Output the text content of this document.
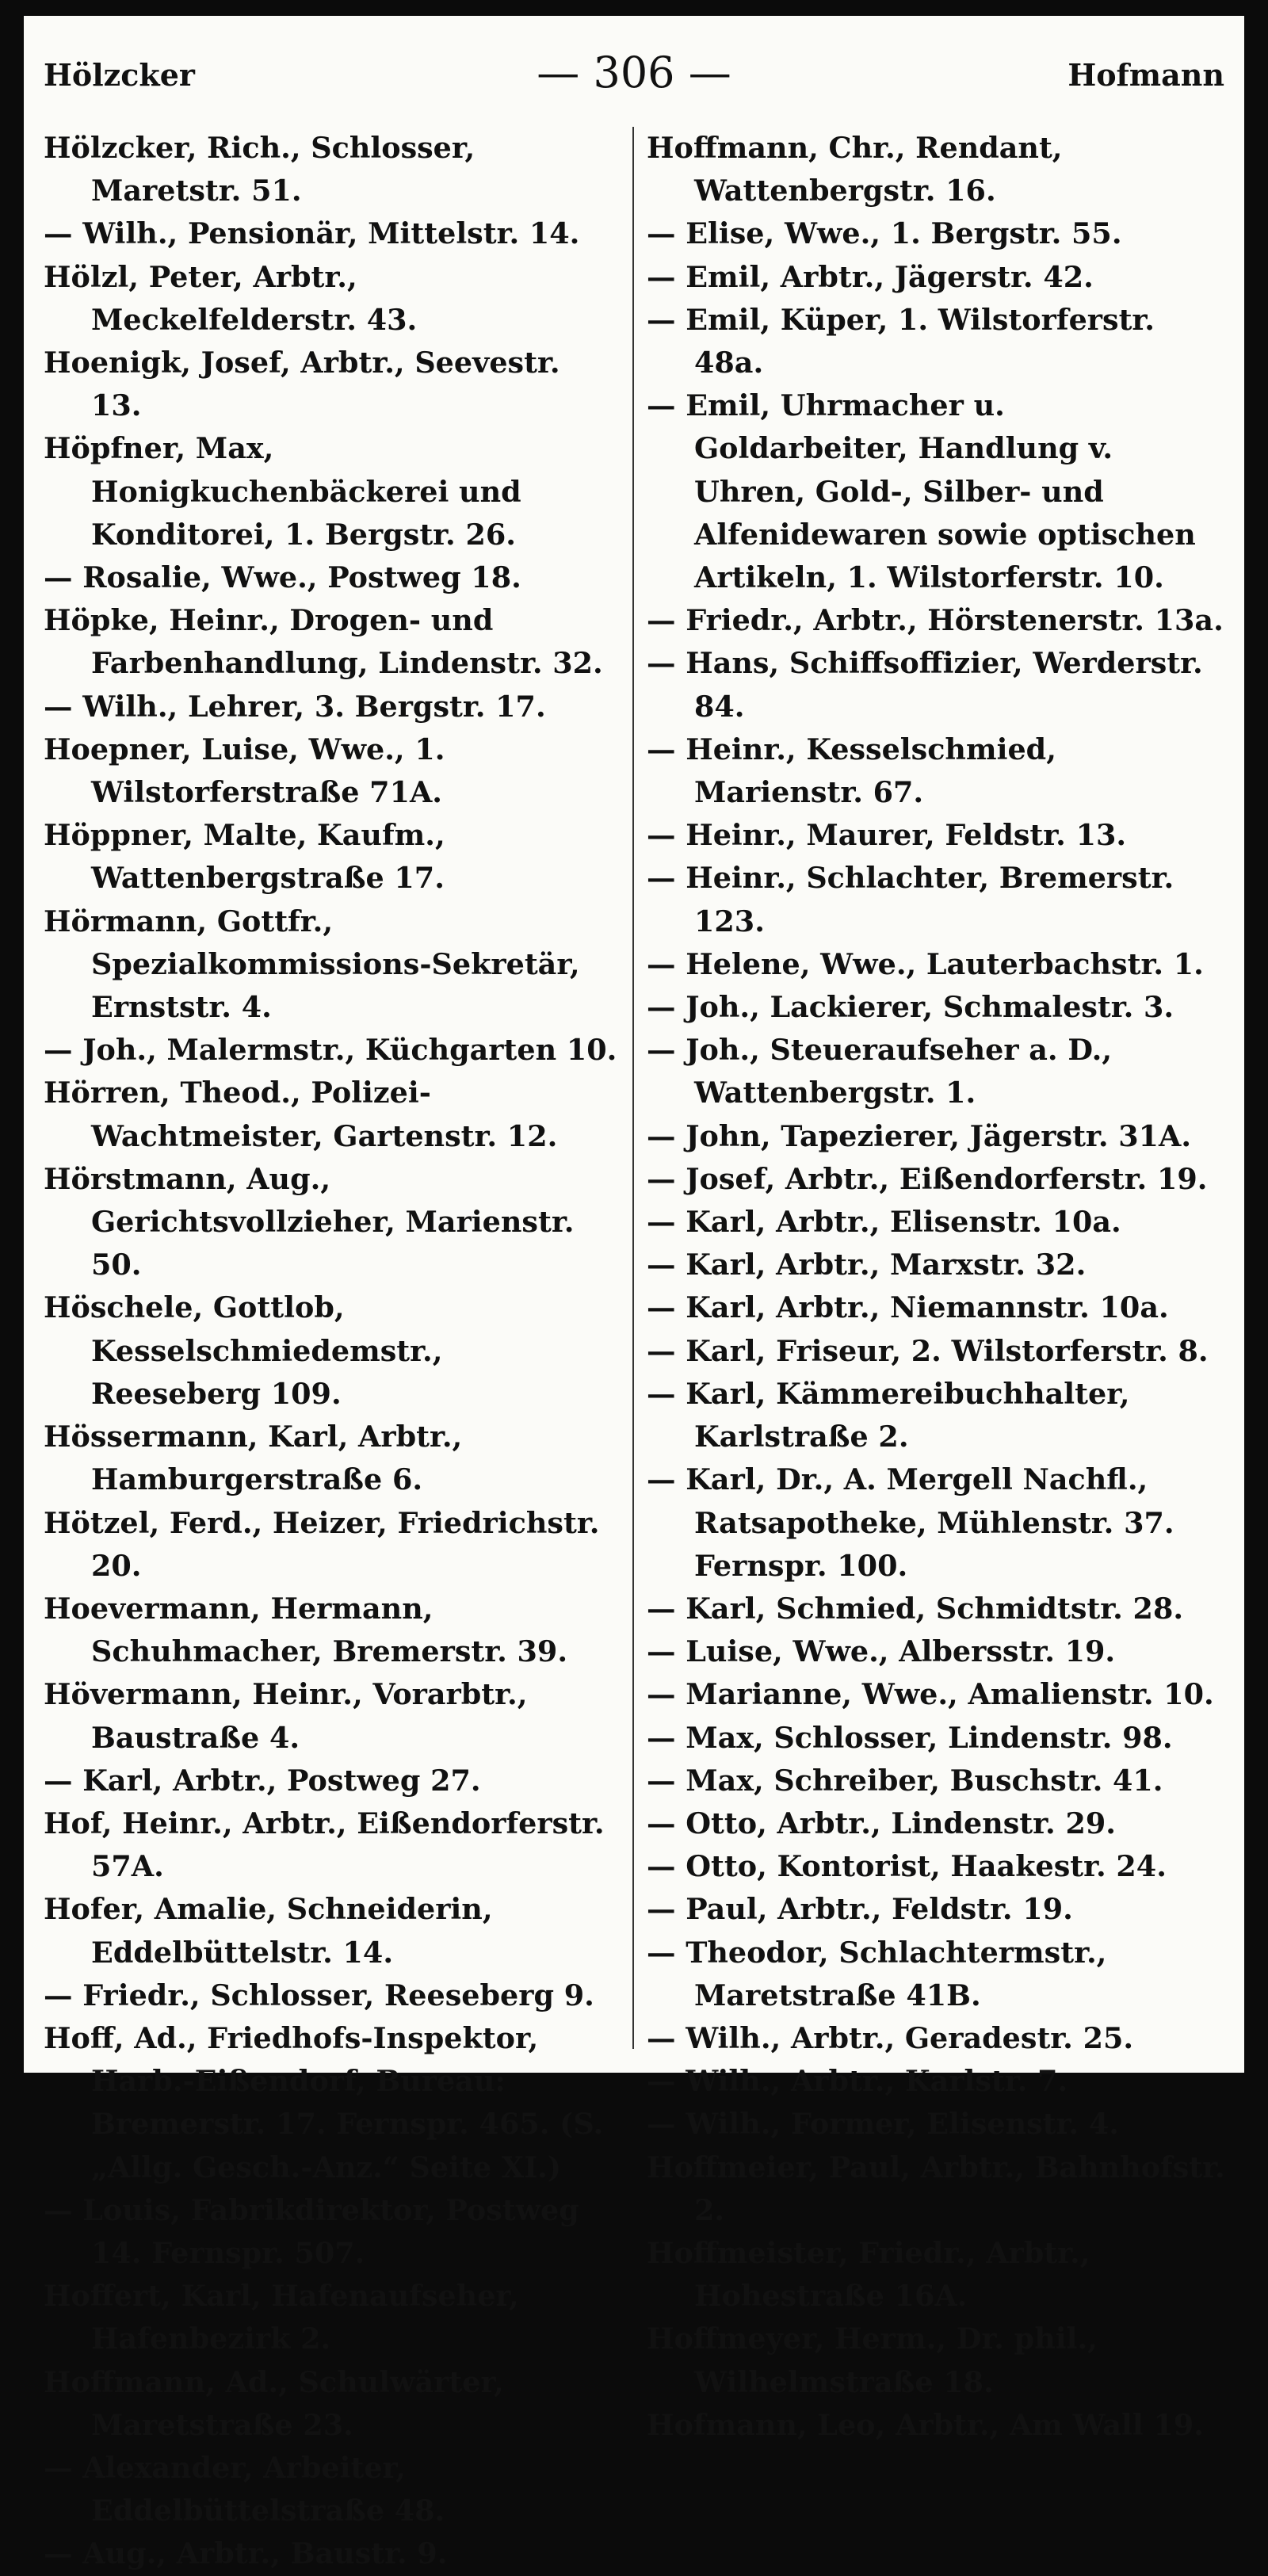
Hölzcker	— 306 —	Hofmann

Hölzcker, Rich., Schlosser, Maretstr. 51.

— Wilh., Pensionär, Mittelstr. 14.

Hölzl, Peter, Arbtr., Meckelfelderstr. 43.

Hoenigk, Josef, Arbtr., Seevestr. 13.

Höpfner, Max, Honigkuchenbäckerei und Konditorei, 1. Bergstr. 26.

— Rosalie, Wwe., Postweg 18.

Höpke, Heinr., Drogen- und Farbenhandlung, Lindenstr. 32.

— Wilh., Lehrer, 3. Bergstr. 17.

Hoepner, Luise, Wwe., 1. Wilstorferstraße 71A.

Höppner, Malte, Kaufm., Wattenbergstraße 17.

Hörmann, Gottfr., Spezialkommissions-Sekretär, Ernststr. 4.

— Joh., Malermstr., Küchgarten 10.

Hörren, Theod., Polizei-Wachtmeister, Gartenstr. 12.

Hörstmann, Aug., Gerichtsvollzieher, Marienstr. 50.

Höschele, Gottlob, Kesselschmiedemstr., Reeseberg 109.

Hössermann, Karl, Arbtr., Hamburgerstraße 6.

Hötzel, Ferd., Heizer, Friedrichstr. 20.

Hoevermann, Hermann, Schuhmacher, Bremerstr. 39.

Hövermann, Heinr., Vorarbtr., Baustraße 4.

— Karl, Arbtr., Postweg 27.

Hof, Heinr., Arbtr., Eißendorferstr. 57A.

Hofer, Amalie, Schneiderin, Eddelbüttelstr. 14.

— Friedr., Schlosser, Reeseberg 9.

Hoff, Ad., Friedhofs-Inspektor, Harb.-Eißendorf, Bureau: Bremerstr. 17. Fernspr. 465. (S. „Allg. Gesch.-Anz.“ Seite XI.)

— Louis, Fabrikdirektor, Postweg 14. Fernspr. 507.

Hoffert, Karl, Hafenaufseher, Hafenbezirk 2.

Hoffmann, Ad., Schulwärter, Maretstraße 23.

— Alexander, Arbeiter, Eddelbüttelstraße 48.

— Aug., Arbtr., Baustr. 9.

Hoffmann, Chr., Rendant, Wattenbergstr. 16.

— Elise, Wwe., 1. Bergstr. 55.

— Emil, Arbtr., Jägerstr. 42.

— Emil, Küper, 1. Wilstorferstr. 48a.

— Emil, Uhrmacher u. Goldarbeiter, Handlung v. Uhren, Gold-, Silber- und Alfenidewaren sowie optischen Artikeln, 1. Wilstorferstr. 10.

— Friedr., Arbtr., Hörstenerstr. 13a.

— Hans, Schiffsoffizier, Werderstr. 84.

— Heinr., Kesselschmied, Marienstr. 67.

— Heinr., Maurer, Feldstr. 13.

— Heinr., Schlachter, Bremerstr. 123.

— Helene, Wwe., Lauterbachstr. 1.

— Joh., Lackierer, Schmalestr. 3.

— Joh., Steueraufseher a. D., Wattenbergstr. 1.

— John, Tapezierer, Jägerstr. 31A.

— Josef, Arbtr., Eißendorferstr. 19.

— Karl, Arbtr., Elisenstr. 10a.

— Karl, Arbtr., Marxstr. 32.

— Karl, Arbtr., Niemannstr. 10a.

— Karl, Friseur, 2. Wilstorferstr. 8.

— Karl, Kämmereibuchhalter, Karlstraße 2.

— Karl, Dr., A. Mergell Nachfl., Ratsapotheke, Mühlenstr. 37. Fernspr. 100.

— Karl, Schmied, Schmidtstr. 28.

— Luise, Wwe., Albersstr. 19.

— Marianne, Wwe., Amalienstr. 10.

— Max, Schlosser, Lindenstr. 98.

— Max, Schreiber, Buschstr. 41.

— Otto, Arbtr., Lindenstr. 29.

— Otto, Kontorist, Haakestr. 24.

— Paul, Arbtr., Feldstr. 19.

— Theodor, Schlachtermstr., Maretstraße 41B.

— Wilh., Arbtr., Geradestr. 25.

— Wilh., Arbtr., Karlstr. 7.

— Wilh., Former, Elisenstr. 4.

Hoffmeier, Paul, Arbtr., Bahnhofstr. 2.

Hoffmeister, Friedr., Arbtr., Hohestraße 16A.

Hoffmeyer, Herm., Dr. phil., Wilhelmstraße 18.

Hofmann, Leo, Arbtr., Am Wall 19.
